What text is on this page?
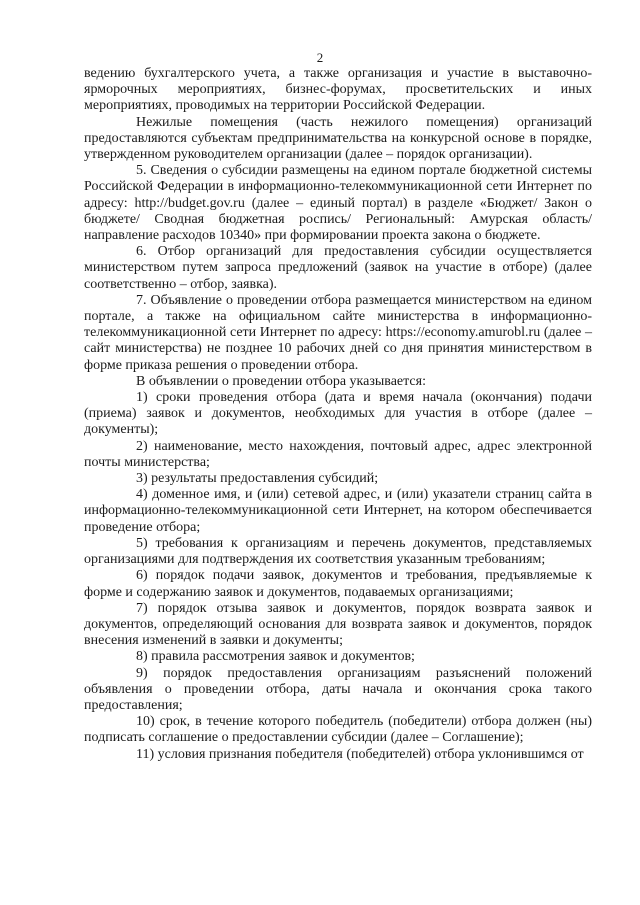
2

ведению бухгалтерского учета, а также организация и участие в выставочно-ярморочных мероприятиях, бизнес-форумах, просветительских и иных мероприятиях, проводимых на территории Российской Федерации.

Нежилые помещения (часть нежилого помещения) организаций предоставляются субъектам предпринимательства на конкурсной основе в порядке, утвержденном руководителем организации (далее – порядок организации).

5. Сведения о субсидии размещены на едином портале бюджетной системы Российской Федерации в информационно-телекоммуникационной сети Интернет по адресу: http://budget.gov.ru (далее – единый портал) в разделе «Бюджет/ Закон о бюджете/ Сводная бюджетная роспись/ Региональный: Амурская область/ направление расходов 10340» при формировании проекта закона о бюджете.

6. Отбор организаций для предоставления субсидии осуществляется министерством путем запроса предложений (заявок на участие в отборе) (далее соответственно – отбор, заявка).

7. Объявление о проведении отбора размещается министерством на едином портале, а также на официальном сайте министерства в информационно-телекоммуникационной сети Интернет по адресу: https://economy.amurobl.ru (далее – сайт министерства) не позднее 10 рабочих дней со дня принятия министерством в форме приказа решения о проведении отбора.

В объявлении о проведении отбора указывается:

1) сроки проведения отбора (дата и время начала (окончания) подачи (приема) заявок и документов, необходимых для участия в отборе (далее – документы);

2) наименование, место нахождения, почтовый адрес, адрес электронной почты министерства;

3) результаты предоставления субсидий;

4) доменное имя, и (или) сетевой адрес, и (или) указатели страниц сайта в информационно-телекоммуникационной сети Интернет, на котором обеспечивается проведение отбора;

5) требования к организациям и перечень документов, представляемых организациями для подтверждения их соответствия указанным требованиям;

6) порядок подачи заявок, документов и требования, предъявляемые к форме и содержанию заявок и документов, подаваемых организациями;

7) порядок отзыва заявок и документов, порядок возврата заявок и документов, определяющий основания для возврата заявок и документов, порядок внесения изменений в заявки и документы;

8) правила рассмотрения заявок и документов;

9) порядок предоставления организациям разъяснений положений объявления о проведении отбора, даты начала и окончания срока такого предоставления;

10) срок, в течение которого победитель (победители) отбора должен (ны) подписать соглашение о предоставлении субсидии (далее – Соглашение);

11) условия признания победителя (победителей) отбора уклонившимся от
